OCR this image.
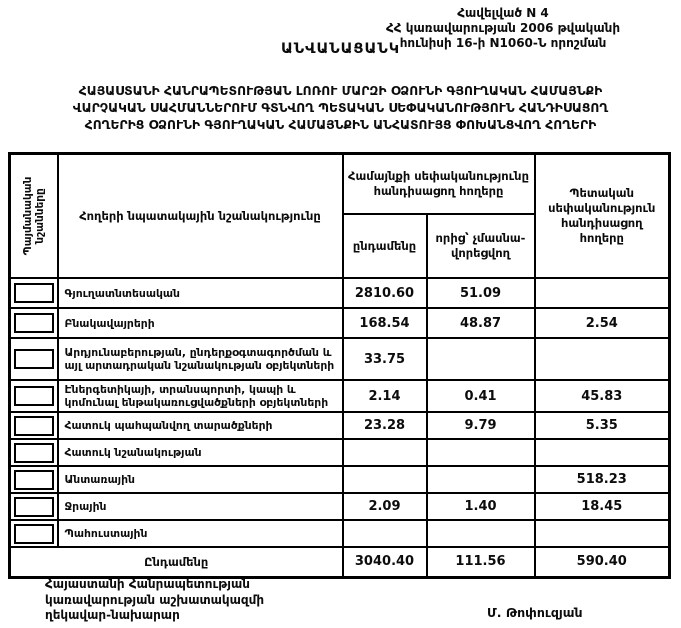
Հավելված N 4
ՀՀ կառավարության 2006 թվականի
հունիսի 16-ի N1060-Ն որոշման
ԱՆՎԱՆԱՑԱՆԿ
ՀԱՅԱՍՏԱՆԻ ՀԱՆՐԱՊԵՏՈՒԹՅԱՆ ԼՈՌՈՒ ՄԱՐԶԻ ՕՁՈՒՆԻ ԳՅՈՒՂԱԿԱՆ ՀԱՄԱՅՆՔԻ
ՎԱՐՉԱԿԱՆ ՍԱՀՄԱՆՆԵՐՈՒՄ ԳՏՆՎՈՂ ՊԵՏԱԿԱՆ ՍԵՓԱԿԱՆՈՒԹՅՈՒՆ ՀԱՆԴԻՍԱՑՈՂ
ՀՈՂԵՐԻՑ ՕՁՈՒՆԻ ԳՅՈՒՂԱԿԱՆ ՀԱՄԱՅՆՔԻՆ ԱՆՀԱՏՈՒՅՑ ՓՈԽԱՆՑՎՈՂ ՀՈՂԵՐԻ
Պայմանական նշանները	Հողերի նպատակային նշանակությունը	Համայնքի սեփականությունը հանդիսացող հողերը		Պետական սեփականություն հանդիսացող հողերը
		ընդամենը	որից՝ չմասնա-վորեցվող	

	Գյուղատնտեսական	2810.60	51.09	

	Բնակավայրերի	168.54	48.87	2.54

	Արդյունաբերության, ընդերքօգտագործման և այլ արտադրական նշանակության օբյեկտների	33.75		

	Էներգետիկայի, տրանսպորտի, կապի և կոմունալ ենթակառուցվածքների օբյեկտների	2.14	0.41	45.83

	Հատուկ պահպանվող տարածքների	23.28	9.79	5.35

	Հատուկ նշանակության			

	Անտառային			518.23

	Ջրային	2.09	1.40	18.45

	Պահուստային			
Ընդամենը		3040.40	111.56	590.40
Հայաստանի Հանրապետության
կառավարության աշխատակազմի
ղեկավար-նախարար	Մ. Թոփուզյան
